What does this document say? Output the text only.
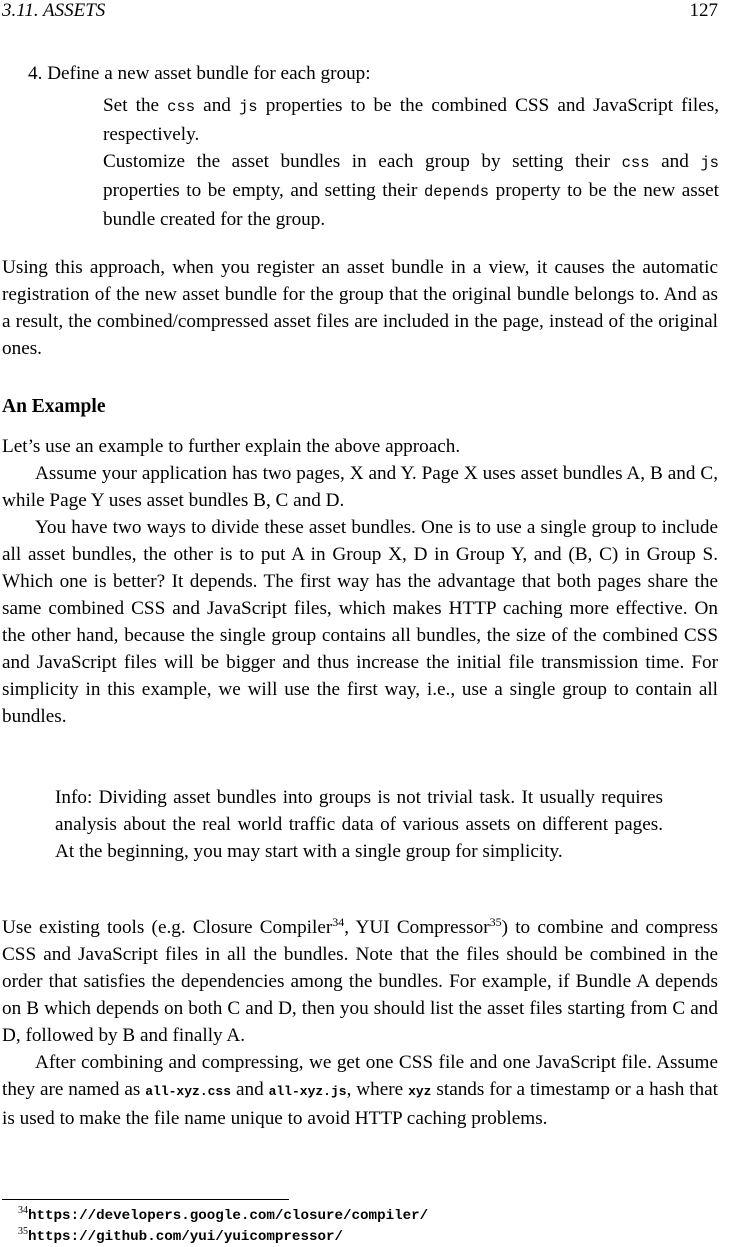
3.11. ASSETS	127
4. Define a new asset bundle for each group:

Set the css and js properties to be the combined CSS and JavaScript files, respectively.

Customize the asset bundles in each group by setting their css and js properties to be empty, and setting their depends property to be the new asset bundle created for the group.

Using this approach, when you register an asset bundle in a view, it causes the automatic registration of the new asset bundle for the group that the original bundle belongs to. And as a result, the combined/compressed asset files are included in the page, instead of the original ones.

An Example

Let’s use an example to further explain the above approach.

Assume your application has two pages, X and Y. Page X uses asset bundles A, B and C, while Page Y uses asset bundles B, C and D.

You have two ways to divide these asset bundles. One is to use a single group to include all asset bundles, the other is to put A in Group X, D in Group Y, and (B, C) in Group S. Which one is better? It depends. The first way has the advantage that both pages share the same combined CSS and JavaScript files, which makes HTTP caching more effective. On the other hand, because the single group contains all bundles, the size of the combined CSS and JavaScript files will be bigger and thus increase the initial file transmission time. For simplicity in this example, we will use the first way, i.e., use a single group to contain all bundles.

Info: Dividing asset bundles into groups is not trivial task. It usually requires analysis about the real world traffic data of various assets on different pages. At the beginning, you may start with a single group for simplicity.

Use existing tools (e.g. Closure Compiler$^{34}$, YUI Compressor$^{35}$) to combine and compress CSS and JavaScript files in all the bundles. Note that the files should be combined in the order that satisfies the dependencies among the bundles. For example, if Bundle A depends on B which depends on both C and D, then you should list the asset files starting from C and D, followed by B and finally A.

After combining and compressing, we get one CSS file and one JavaScript file. Assume they are named as all-xyz.css and all-xyz.js, where xyz stands for a timestamp or a hash that is used to make the file name unique to avoid HTTP caching problems.

$^{34}$https://developers.google.com/closure/compiler/
$^{35}$https://github.com/yui/yuicompressor/
